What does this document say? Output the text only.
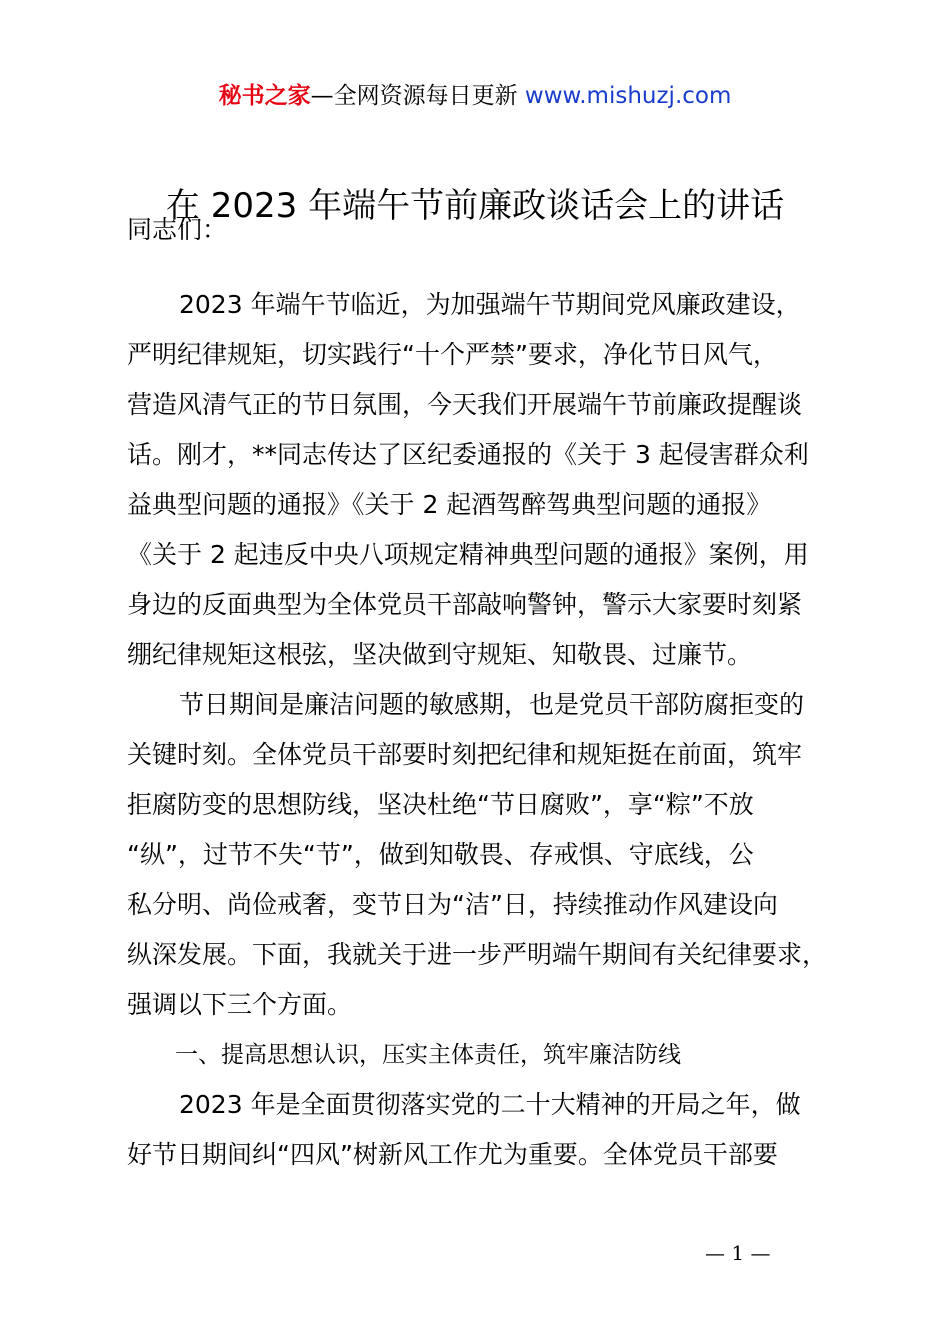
秘书之家—全网资源每日更新 www.mishuzj.com
在 2023 年端午节前廉政谈话会上的讲话

同志们：

2023 年端午节临近，为加强端午节期间党风廉政建设，

严明纪律规矩，切实践行“十个严禁”要求，净化节日风气，

营造风清气正的节日氛围，今天我们开展端午节前廉政提醒谈

话。刚才，**同志传达了区纪委通报的《关于 3 起侵害群众利

益典型问题的通报》《关于 2 起酒驾醉驾典型问题的通报》

《关于 2 起违反中央八项规定精神典型问题的通报》案例，用

身边的反面典型为全体党员干部敲响警钟，警示大家要时刻紧

绷纪律规矩这根弦，坚决做到守规矩、知敬畏、过廉节。

节日期间是廉洁问题的敏感期，也是党员干部防腐拒变的

关键时刻。全体党员干部要时刻把纪律和规矩挺在前面，筑牢

拒腐防变的思想防线，坚决杜绝“节日腐败”，享“粽”不放

“纵”，过节不失“节”，做到知敬畏、存戒惧、守底线，公

私分明、尚俭戒奢，变节日为“洁”日，持续推动作风建设向

纵深发展。下面，我就关于进一步严明端午期间有关纪律要求，

强调以下三个方面。

一、提高思想认识，压实主体责任，筑牢廉洁防线

2023 年是全面贯彻落实党的二十大精神的开局之年，做

好节日期间纠“四风”树新风工作尤为重要。全体党员干部要

— 1 —
